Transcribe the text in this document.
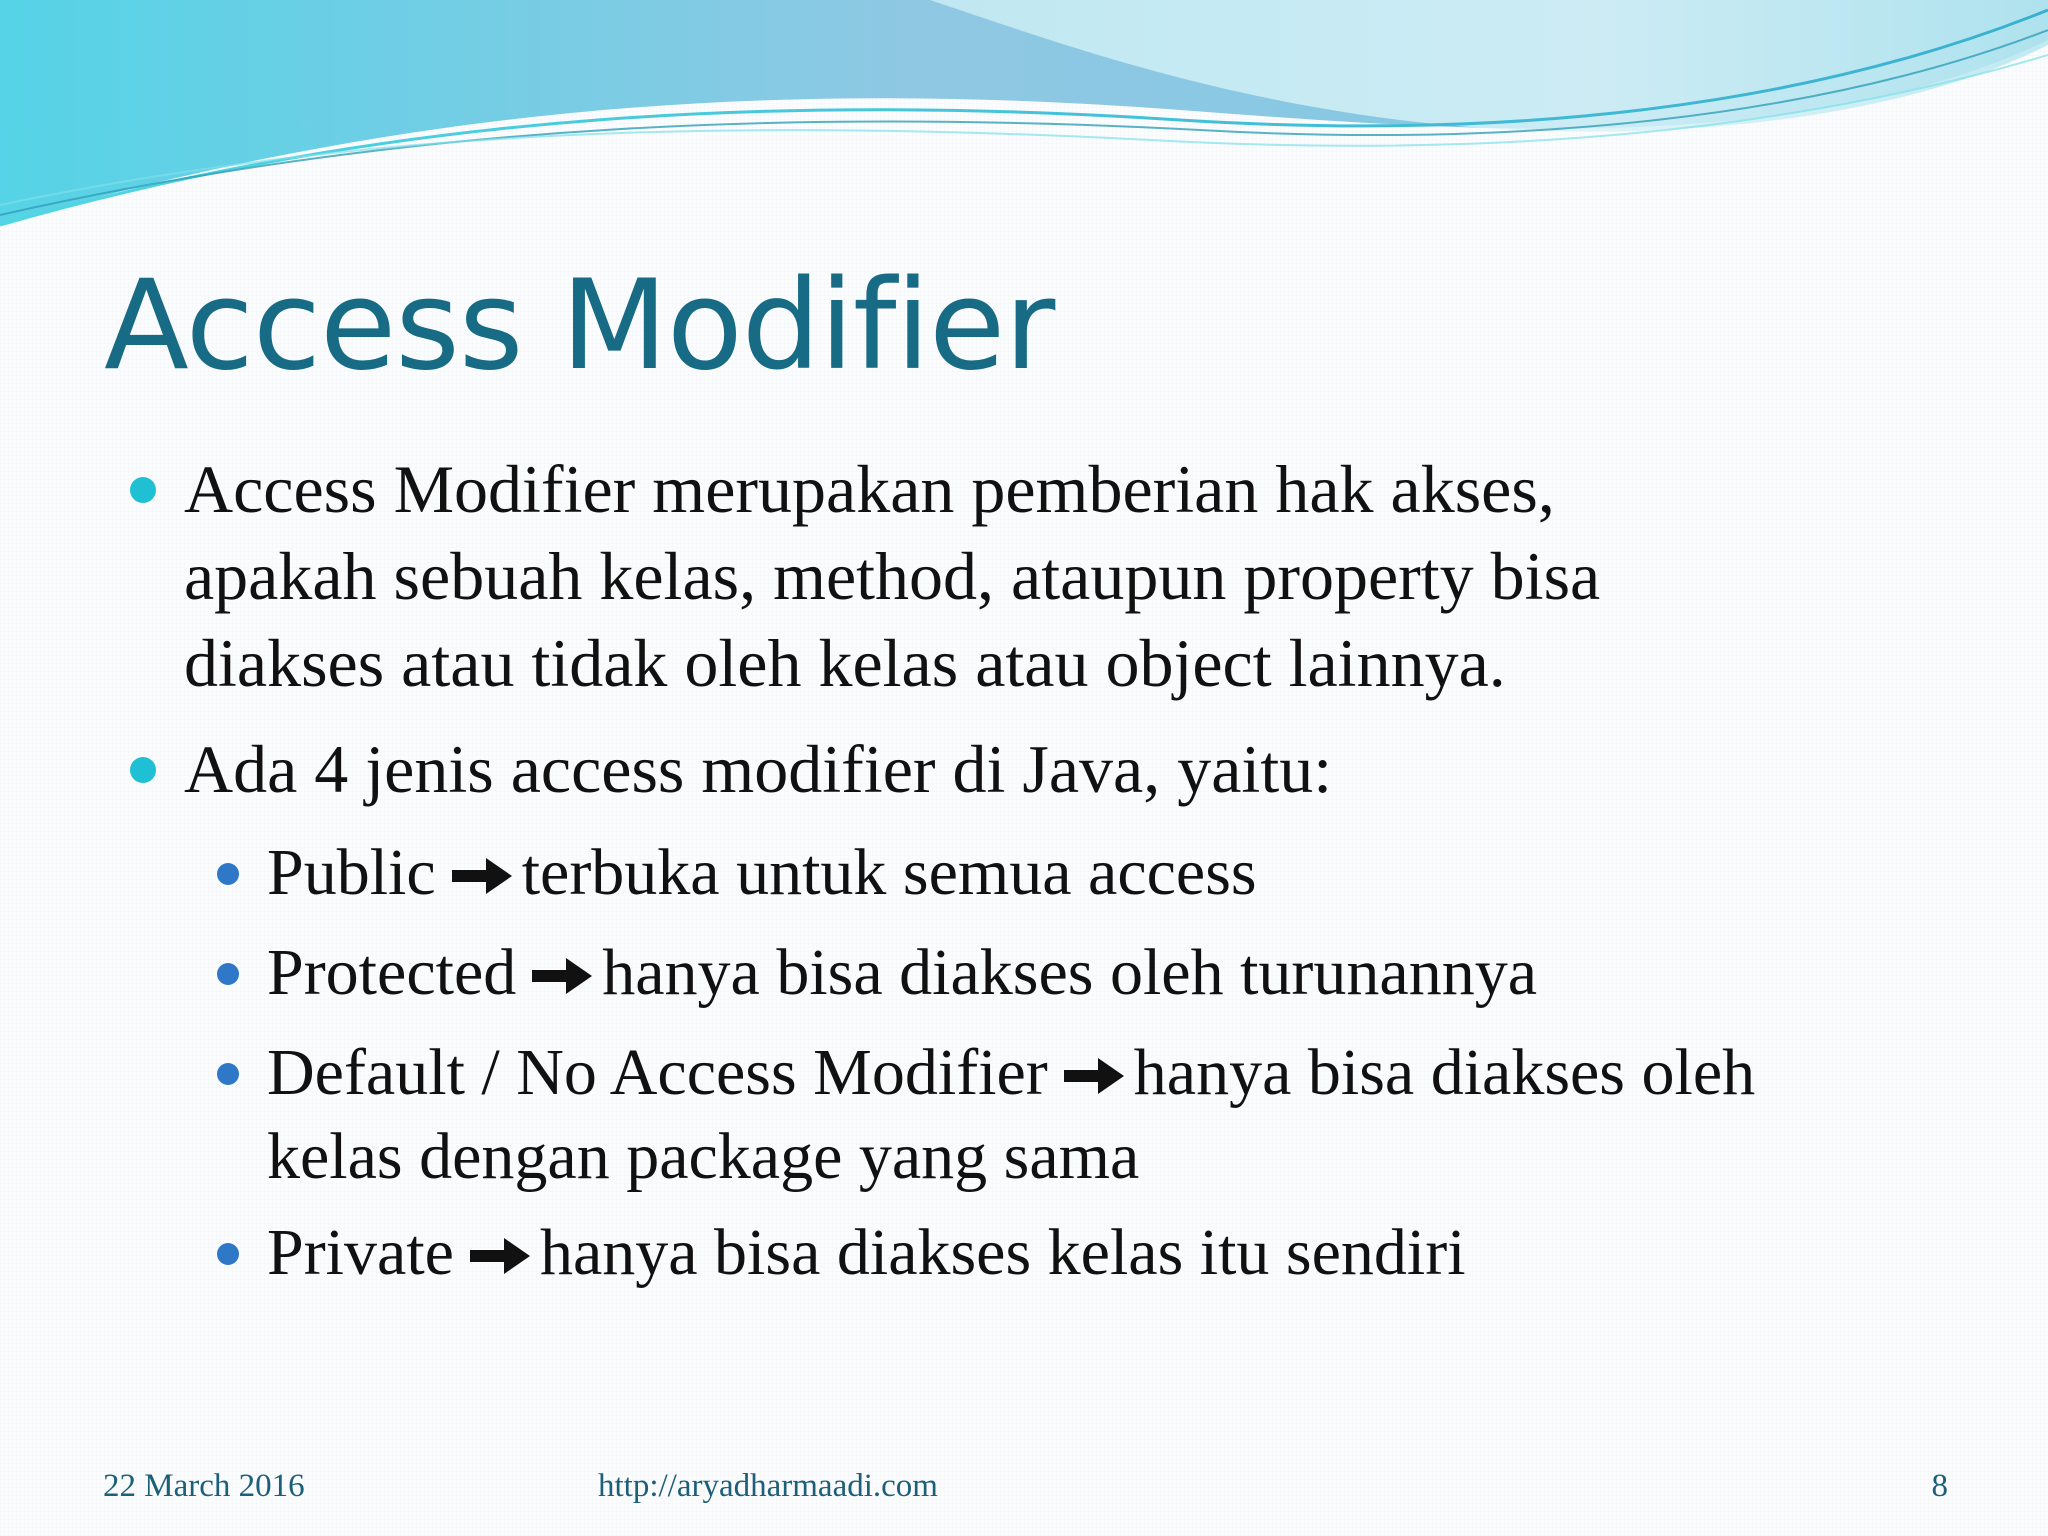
Access Modifier
Access Modifier merupakan pemberian hak akses,
apakah sebuah kelas, method, ataupun property bisa
diakses atau tidak oleh kelas atau object lainnya.
Ada 4 jenis access modifier di Java, yaitu:
Public terbuka untuk semua access
Protected hanya bisa diakses oleh turunannya
Default / No Access Modifier hanya bisa diakses oleh
kelas dengan package yang sama
Private hanya bisa diakses kelas itu sendiri
22 March 2016	http://aryadharmaadi.com	8
